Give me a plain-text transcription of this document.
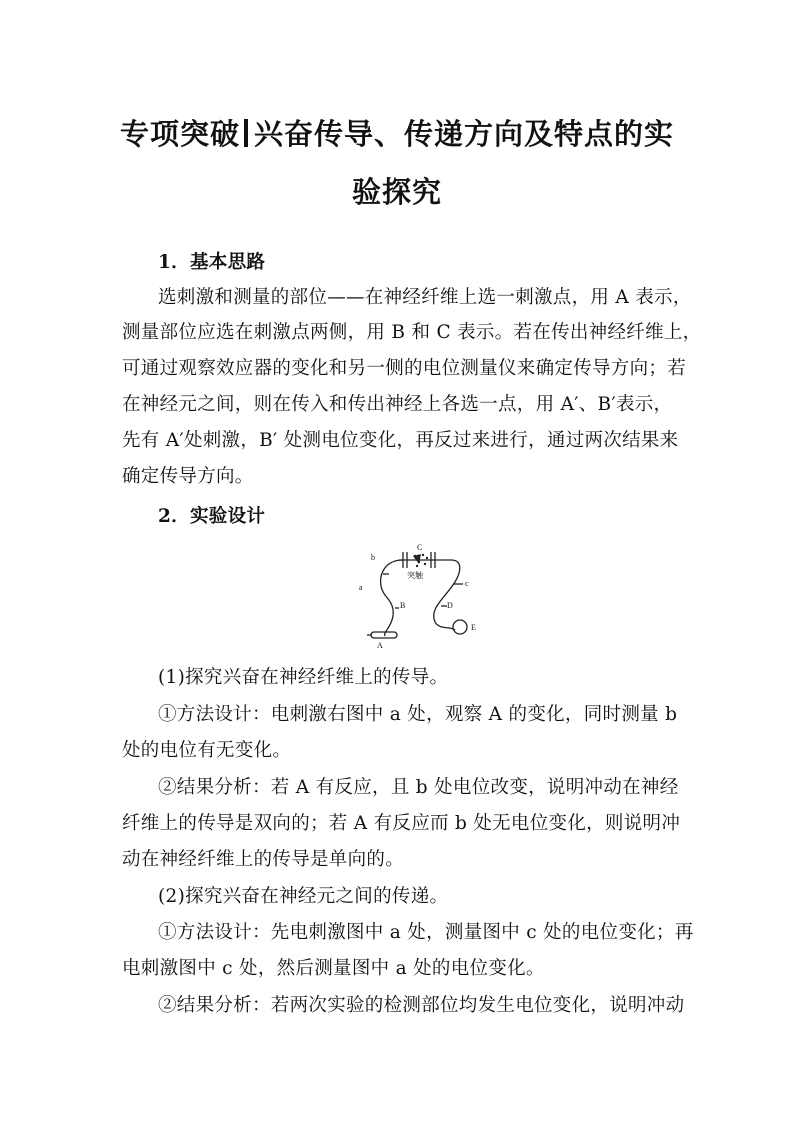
专项突破 兴奋传导、传递方向及特点的实
验探究
1．基本思路
选刺激和测量的部位——在神经纤维上选一刺激点，用 A 表示，
测量部位应选在刺激点两侧，用 B 和 C 表示。若在传出神经纤维上，
可通过观察效应器的变化和另一侧的电位测量仪来确定传导方向；若
在神经元之间，则在传入和传出神经上各选一点，用 A′、B′表示，
先有 A′处刺激，B′ 处测电位变化，再反过来进行，通过两次结果来
确定传导方向。
2．实验设计
b
a
B
A
C
突触
c
D
E
(1)探究兴奋在神经纤维上的传导。
①方法设计：电刺激右图中 a 处，观察 A 的变化，同时测量 b
处的电位有无变化。
②结果分析：若 A 有反应，且 b 处电位改变，说明冲动在神经
纤维上的传导是双向的；若 A 有反应而 b 处无电位变化，则说明冲
动在神经纤维上的传导是单向的。
(2)探究兴奋在神经元之间的传递。
①方法设计：先电刺激图中 a 处，测量图中 c 处的电位变化；再
电刺激图中 c 处，然后测量图中 a 处的电位变化。
②结果分析：若两次实验的检测部位均发生电位变化，说明冲动
